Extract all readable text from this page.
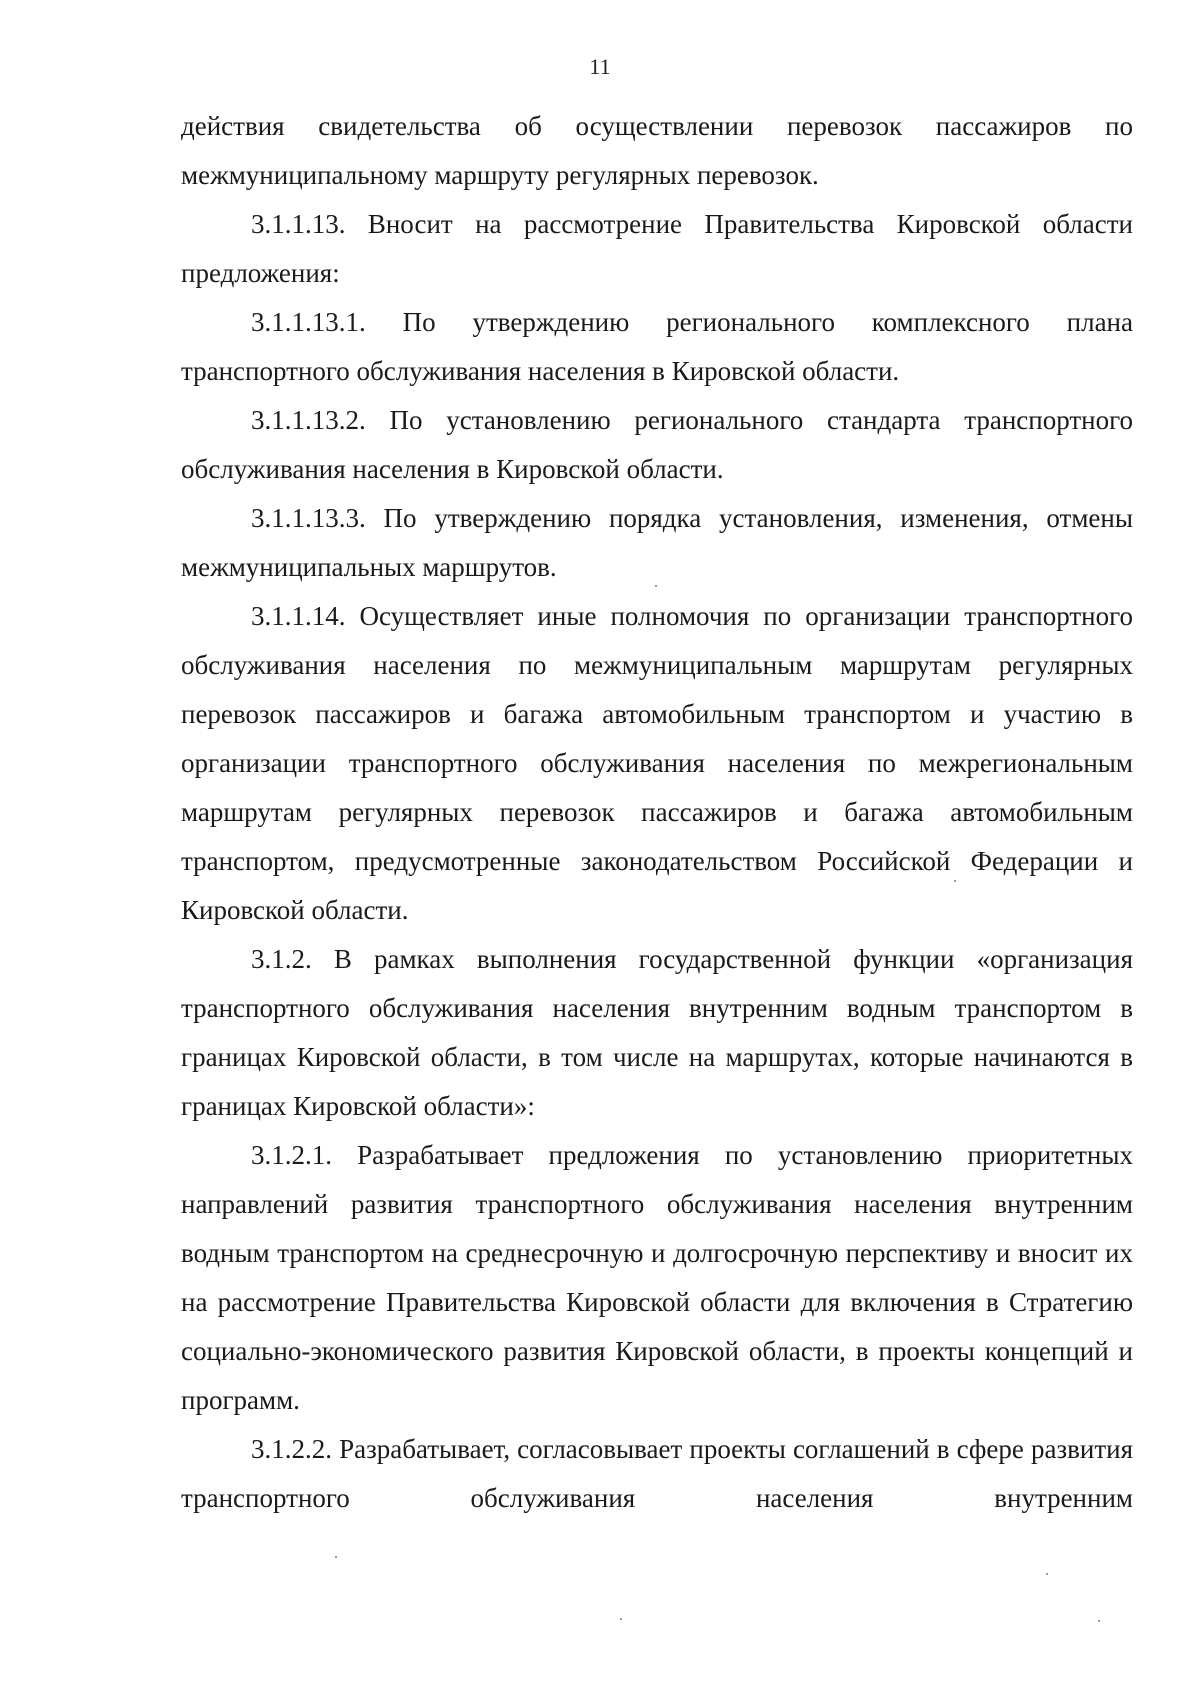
11

действия свидетельства об осуществлении перевозок пассажиров по межмуниципальному маршруту регулярных перевозок.

3.1.1.13. Вносит на рассмотрение Правительства Кировской области предложения:

3.1.1.13.1. По утверждению регионального комплексного плана транспортного обслуживания населения в Кировской области.

3.1.1.13.2. По установлению регионального стандарта транспортного обслуживания населения в Кировской области.

3.1.1.13.3. По утверждению порядка установления, изменения, отмены межмуниципальных маршрутов.

3.1.1.14. Осуществляет иные полномочия по организации транспортного обслуживания населения по межмуниципальным маршрутам регулярных перевозок пассажиров и багажа автомобильным транспортом и участию в организации транспортного обслуживания населения по межрегиональным маршрутам регулярных перевозок пассажиров и багажа автомобильным транспортом, предусмотренные законодательством Российской Федерации и Кировской области.

3.1.2. В рамках выполнения государственной функции «организация транспортного обслуживания населения внутренним водным транспортом в границах Кировской области, в том числе на маршрутах, которые начинаются в границах Кировской области»:

3.1.2.1. Разрабатывает предложения по установлению приоритетных направлений развития транспортного обслуживания населения внутренним водным транспортом на среднесрочную и долгосрочную перспективу и вносит их на рассмотрение Правительства Кировской области для включения в Стратегию социально-экономического развития Кировской области, в проекты концепций и программ.

3.1.2.2. Разрабатывает, согласовывает проекты соглашений в сфере развития транспортного обслуживания населения внутренним
